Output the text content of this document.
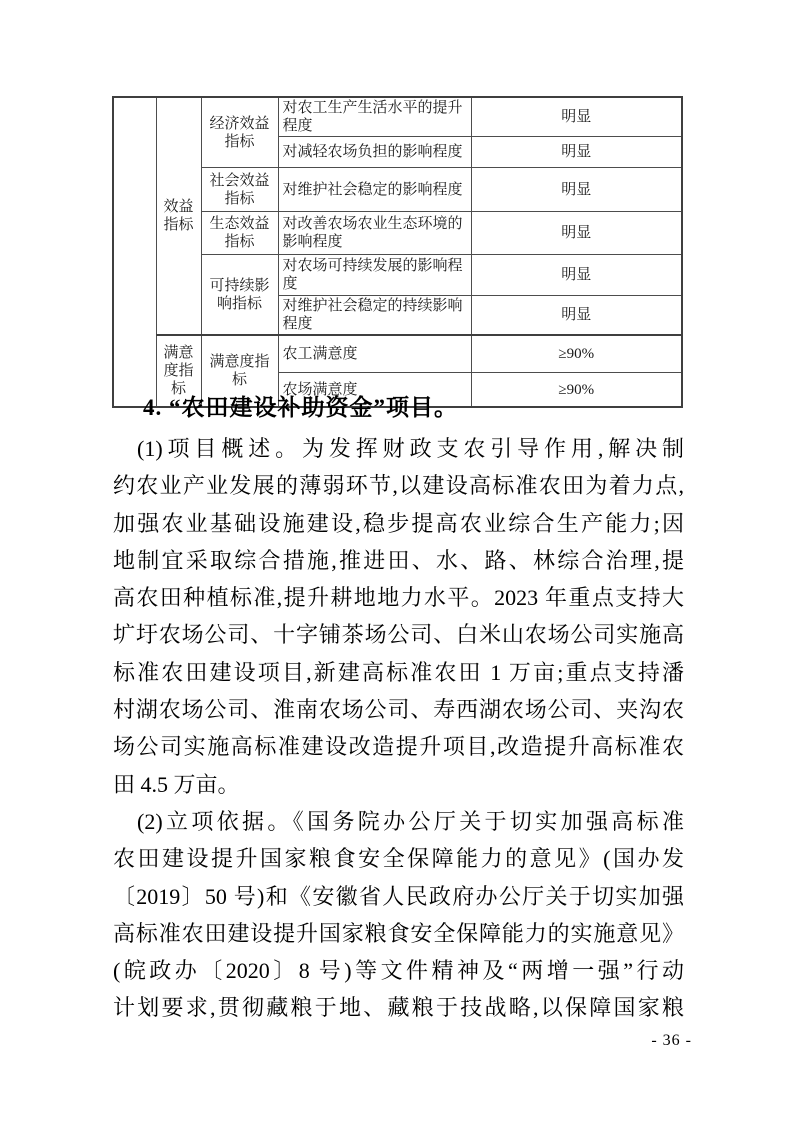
	效益指标	经济效益指标	对农工生产生活水平的提升程度	明显
			对减轻农场负担的影响程度	明显
		社会效益指标	对维护社会稳定的影响程度	明显
		生态效益指标	对改善农场农业生态环境的影响程度	明显
		可持续影响指标	对农场可持续发展的影响程度	明显
			对维护社会稳定的持续影响程度	明显
	满意度指标	满意度指标	农工满意度	≥90%
			农场满意度	≥90%
4. “农田建设补助资金”项目。
(1)项目概述。为发挥财政支农引导作用,解决制
约农业产业发展的薄弱环节,以建设高标准农田为着力点,
加强农业基础设施建设,稳步提高农业综合生产能力;因
地制宜采取综合措施,推进田、水、路、林综合治理,提
高农田种植标准,提升耕地地力水平。2023 年重点支持大
圹圩农场公司、十字铺茶场公司、白米山农场公司实施高
标准农田建设项目,新建高标准农田 1 万亩;重点支持潘
村湖农场公司、淮南农场公司、寿西湖农场公司、夹沟农
场公司实施高标准建设改造提升项目,改造提升高标准农
田 4.5 万亩。
(2)立项依据。《国务院办公厅关于切实加强高标准
农田建设提升国家粮食安全保障能力的意见》(国办发
〔2019〕50 号)和《安徽省人民政府办公厅关于切实加强
高标准农田建设提升国家粮食安全保障能力的实施意见》
(皖政办〔2020〕8 号)等文件精神及“两增一强”行动
计划要求,贯彻藏粮于地、藏粮于技战略,以保障国家粮
- 36 -
